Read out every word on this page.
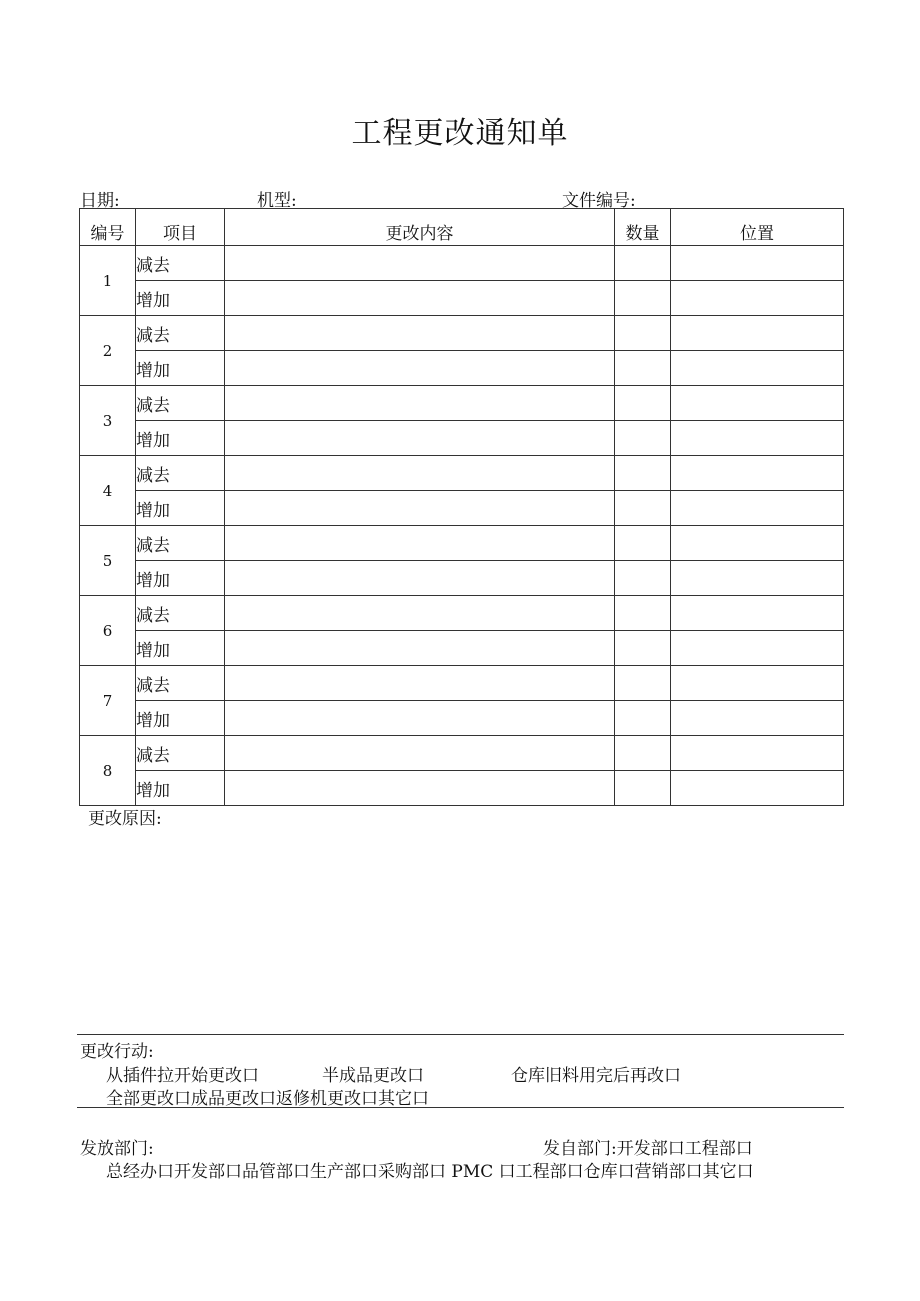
工程更改通知单
日期:	机型:	文件编号:
编号	项目	更改内容	数量	位置
1	减去			
	增加			
2	减去			
	增加			
3	减去			
	增加			
4	减去			
	增加			
5	减去			
	增加			
6	减去			
	增加			
7	减去			
	增加			
8	减去			
	增加			
更改原因:
更改行动:
从插件拉开始更改口	半成品更改口	仓库旧料用完后再改口
全部更改口成品更改口返修机更改口其它口
发放部门:	发自部门:开发部口工程部口
总经办口开发部口品管部口生产部口采购部口 PMC 口工程部口仓库口营销部口其它口
